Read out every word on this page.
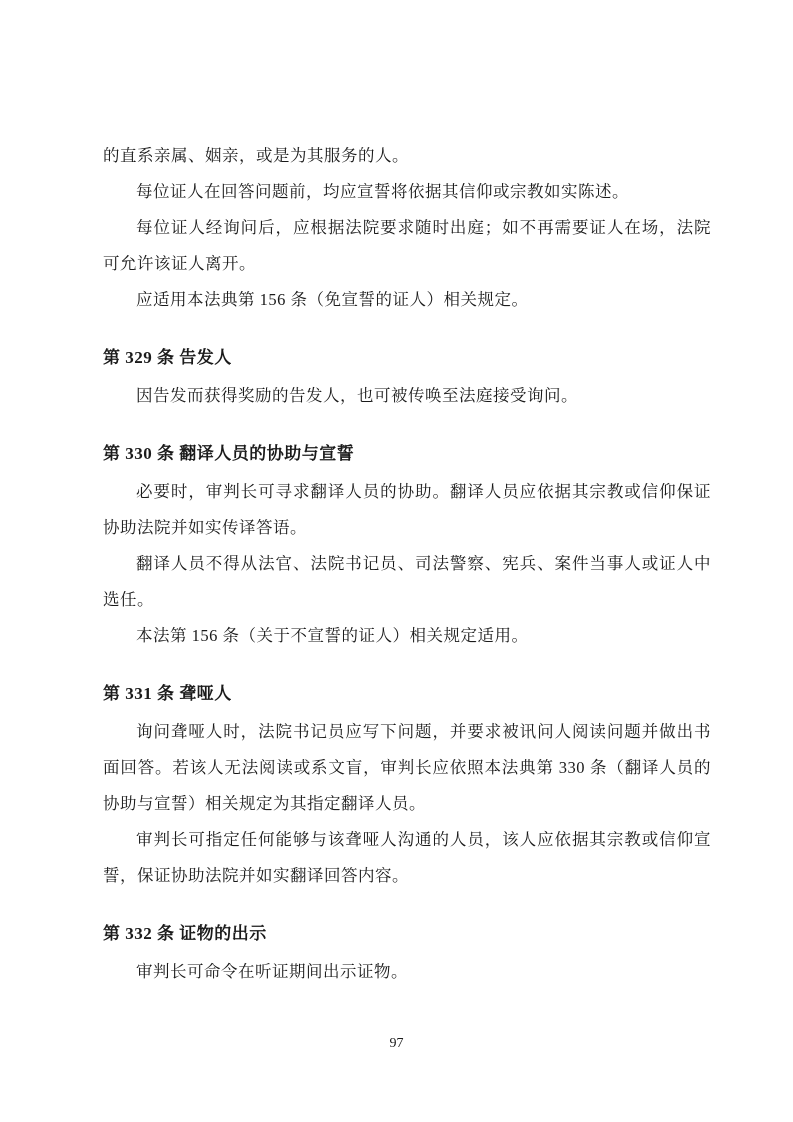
的直系亲属、姻亲，或是为其服务的人。

每位证人在回答问题前，均应宣誓将依据其信仰或宗教如实陈述。

每位证人经询问后，应根据法院要求随时出庭；如不再需要证人在场，法院可允许该证人离开。

应适用本法典第 156 条（免宣誓的证人）相关规定。

第 329 条 告发人

因告发而获得奖励的告发人，也可被传唤至法庭接受询问。

第 330 条 翻译人员的协助与宣誓

必要时，审判长可寻求翻译人员的协助。翻译人员应依据其宗教或信仰保证协助法院并如实传译答语。

翻译人员不得从法官、法院书记员、司法警察、宪兵、案件当事人或证人中选任。

本法第 156 条（关于不宣誓的证人）相关规定适用。

第 331 条 聋哑人

询问聋哑人时，法院书记员应写下问题，并要求被讯问人阅读问题并做出书面回答。若该人无法阅读或系文盲，审判长应依照本法典第 330 条（翻译人员的协助与宣誓）相关规定为其指定翻译人员。

审判长可指定任何能够与该聋哑人沟通的人员，该人应依据其宗教或信仰宣誓，保证协助法院并如实翻译回答内容。

第 332 条 证物的出示

审判长可命令在听证期间出示证物。

97
